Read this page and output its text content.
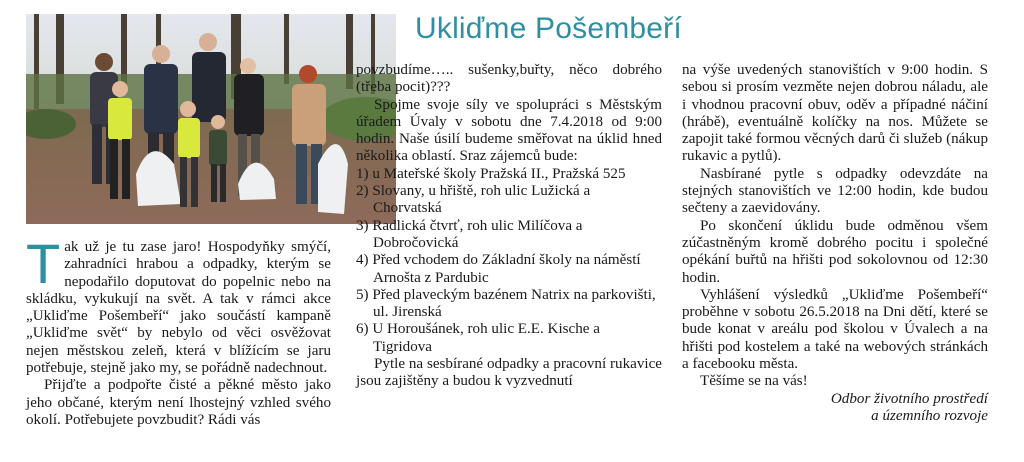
Ukliďme Pošembeří
T ak už je tu zase jaro! Hospodyňky smýčí, zahradníci hrabou a odpadky, kterým se nepodařilo doputovat do popelnic nebo na skládku, vykukují na svět. A tak v rámci akce „Ukliďme Pošembeří“ jako součástí kampaně „Ukliďme svět“ by nebylo od věci osvěžovat nejen městskou zeleň, která v blížícím se jaru potřebuje, stejně jako my, se pořádně nadechnout.

Přijďte a podpořte čisté a pěkné město jako jeho občané, kterým není lhostejný vzhled svého okolí. Potřebujete povzbudit? Rádi vás

povzbudíme….. sušenky,buřty, něco dobrého (třeba pocit)???

Spojme svoje síly ve spolupráci s Městským úřadem Úvaly v sobotu dne 7.4.2018 od 9:00 hodin. Naše úsilí budeme směřovat na úklid hned několika oblastí. Sraz zájemců bude:

1) u Mateřské školy Pražská II., Pražská 525
2) Slovany, u hřiště, roh ulic Lužická a Chorvatská
3) Radlická čtvrť, roh ulic Milíčova a Dobročovická
4) Před vchodem do Základní školy na náměstí Arnošta z Pardubic
5) Před plaveckým bazénem Natrix na parkovišti, ul. Jirenská
6) U Horoušánek, roh ulic E.E. Kische a Tigridova

Pytle na sesbírané odpadky a pracovní rukavice jsou zajištěny a budou k vyzvednutí

na výše uvedených stanovištích v 9:00 hodin. S sebou si prosím vezměte nejen dobrou náladu, ale i vhodnou pracovní obuv, oděv a případné náčiní (hrábě), eventuálně kolíčky na nos. Můžete se zapojit také formou věcných darů či služeb (nákup rukavic a pytlů).

Nasbírané pytle s odpadky odevzdáte na stejných stanovištích ve 12:00 hodin, kde budou sečteny a zaevidovány.

Po skončení úklidu bude odměnou všem zúčastněným kromě dobrého pocitu i společné opékání buřtů na hřišti pod sokolovnou od 12:30 hodin.

Vyhlášení výsledků „Ukliďme Pošembeří“ proběhne v sobotu 26.5.2018 na Dni dětí, které se bude konat v areálu pod školou v Úvalech a na hřišti pod kostelem a také na webových stránkách a facebooku města.

Těšíme se na vás!

Odbor životního prostředí

a územního rozvoje
